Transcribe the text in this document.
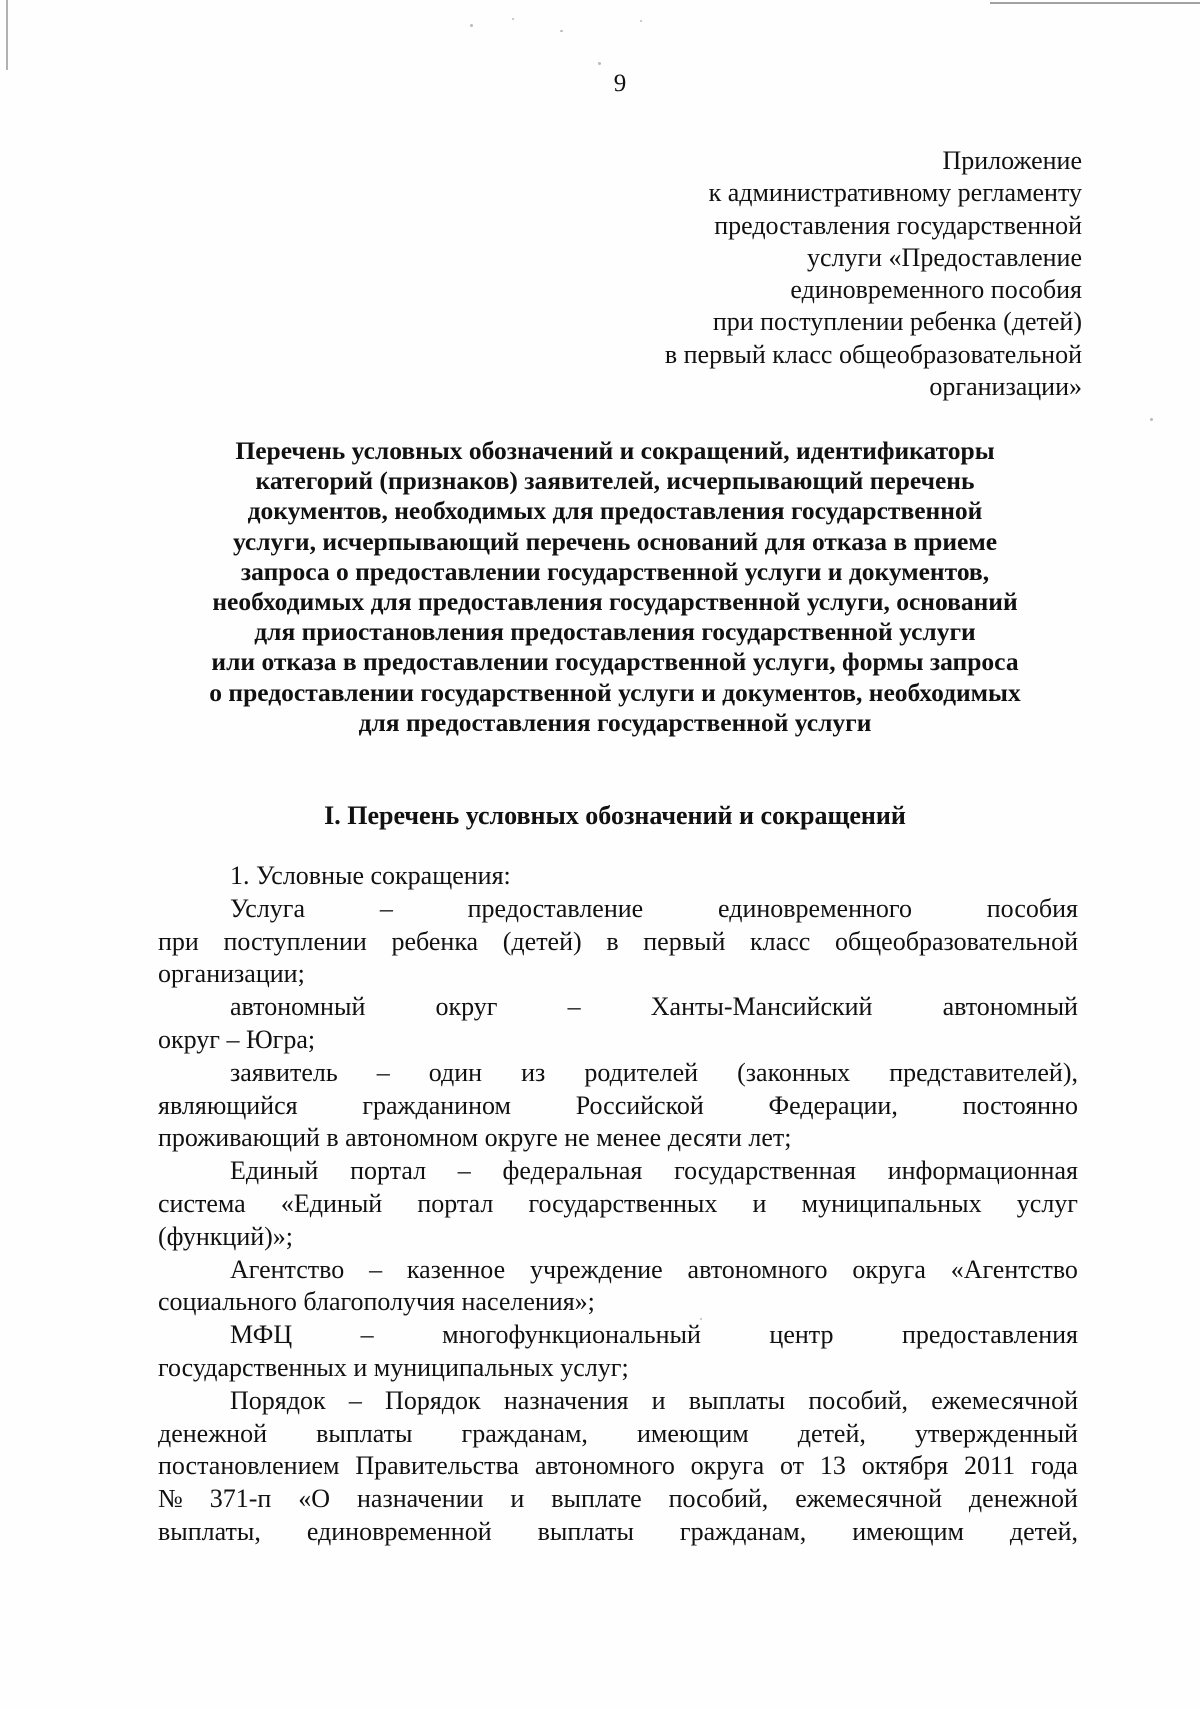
9
Приложение
к административному регламенту
предоставления государственной
услуги «Предоставление
единовременного пособия
при поступлении ребенка (детей)
в первый класс общеобразовательной
организации»
Перечень условных обозначений и сокращений, идентификаторы
категорий (признаков) заявителей, исчерпывающий перечень
документов, необходимых для предоставления государственной
услуги, исчерпывающий перечень оснований для отказа в приеме
запроса о предоставлении государственной услуги и документов,
необходимых для предоставления государственной услуги, оснований
для приостановления предоставления государственной услуги
или отказа в предоставлении государственной услуги, формы запроса
о предоставлении государственной услуги и документов, необходимых
для предоставления государственной услуги
I. Перечень условных обозначений и сокращений
1. Условные сокращения:
Услуга	–	предоставление	единовременного	пособия
при поступлении ребенка (детей) в первый класс общеобразовательной
организации;
автономный	округ	–	Ханты-Мансийский	автономный
округ – Югра;
заявитель – один из родителей (законных представителей),
являющийся гражданином Российской Федерации, постоянно
проживающий в автономном округе не менее десяти лет;
Единый портал – федеральная государственная информационная
система «Единый портал государственных и муниципальных услуг
(функций)»;
Агентство – казенное учреждение автономного округа «Агентство
социального благополучия населения»;
МФЦ	–	многофункциональный	центр	предоставления
государственных и муниципальных услуг;
Порядок – Порядок назначения и выплаты пособий, ежемесячной
денежной выплаты гражданам, имеющим детей, утвержденный
постановлением Правительства автономного округа от 13 октября 2011 года
№ 371-п «О назначении и выплате пособий, ежемесячной денежной
выплаты, единовременной выплаты гражданам, имеющим детей,
